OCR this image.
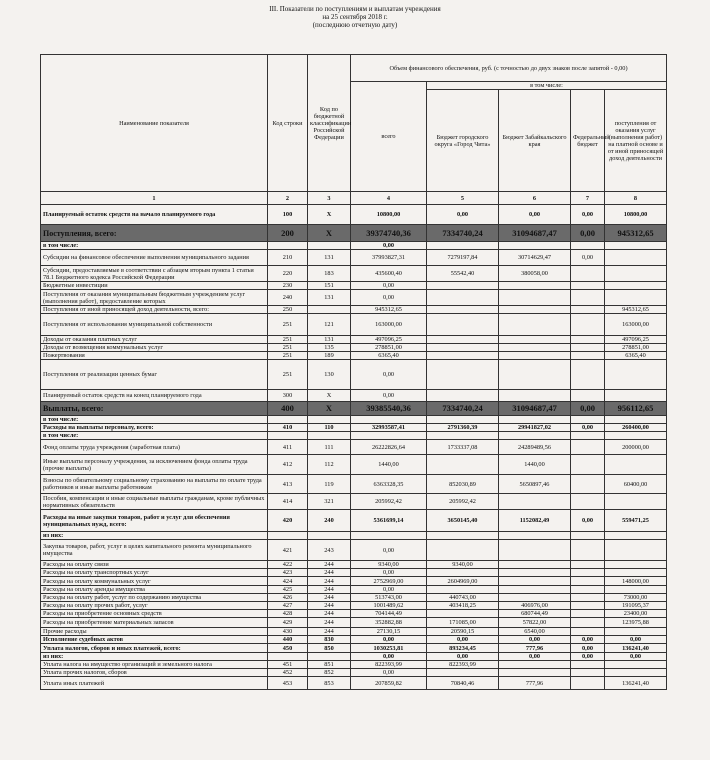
III. Показатели по поступлениям и выплатам учреждения
на 25 сентября 2018 г.
(последнюю отчетную дату)
Наименование показателя	Код строки	Код по бюджетной классификации Российской Федерации	Объем финансового обеспечения, руб. (с точностью до двух знаков после запятой - 0,00)				
			всего	в том числе:			
				Бюджет городского округа «Город Чита»	Бюджет Забайкальского края	Федеральный бюджет	поступления от оказания услуг (выполнения работ) на платной основе и от иной приносящей доход деятельности
1	2	3	4	5	6	7	8
Планируемый остаток средств на начало планируемого года	100	X	10800,00	0,00	0,00	0,00	10800,00
Поступления, всего:	200	X	39374740,36	7334740,24	31094687,47	0,00	945312,65
в том числе:			0,00				
Субсидии на финансовое обеспечение выполнения муниципального задания	210	131	37993827,31	7279197,84	30714629,47	0,00	
Субсидии, предоставляемые в соответствии с абзацем вторым пункта 1 статьи 78.1 Бюджетного кодекса Российской Федерации	220	183	435600,40	55542,40	380058,00		
Бюджетные инвестиции	230	151	0,00				
Поступления от оказания муниципальным бюджетным учреждением услуг (выполнения работ), предоставление которых	240	131	0,00				
Поступления от иной приносящей доход деятельности, всего:	250		945312,65				945312,65
Поступления от использования муниципальной собственности	251	121	163000,00				163000,00
Доходы от оказания платных услуг	251	131	497096,25				497096,25
Доходы от возмещения коммунальных услуг	251	135	278851,00				278851,00
Пожертвования	251	189	6365,40				6365,40
Поступления от реализации ценных бумаг	251	130	0,00				
Планируемый остаток средств на конец планируемого года	300	X	0,00				
Выплаты, всего:	400	X	39385540,36	7334740,24	31094687,47	0,00	956112,65
в том числе:							
Расходы на выплаты персоналу, всего:	410	110	32993587,41	2791360,39	29941827,02	0,00	260400,00
в том числе:							
Фонд оплаты труда учреждения (заработная плата)	411	111	26222826,64	1733337,08	24289489,56		200000,00
Иные выплаты персоналу учреждения, за исключением фонда оплаты труда (прочие выплаты)	412	112	1440,00		1440,00		
Взносы по обязательному социальному страхованию на выплаты по оплате труда работников и иные выплаты работникам	413	119	6363328,35	852030,89	5650897,46		60400,00
Пособия, компенсации и иные социальные выплаты гражданам, кроме публичных нормативных обязательств	414	321	205992,42	205992,42			
Расходы на иные закупки товаров, работ и услуг для обеспечения муниципальных нужд, всего:	420	240	5361699,14	3650145,40	1152082,49	0,00	559471,25
из них:							
Закупка товаров, работ, услуг в целях капитального ремонта муниципального имущества	421	243	0,00				
Расходы на оплату связи	422	244	9340,00	9340,00			
Расходы на оплату транспортных услуг	423	244	0,00				
Расходы на оплату коммунальных услуг	424	244	2752969,00	2604969,00			148000,00
Расходы на оплату аренды имущества	425	244	0,00				
Расходы на оплату работ, услуг по содержанию имущества	426	244	513743,00	440743,00			73000,00
Расходы на оплату прочих работ, услуг	427	244	1001489,62	403418,25	406976,00		191095,37
Расходы на приобретение основных средств	428	244	704144,49		680744,49		23400,00
Расходы на приобретение материальных запасов	429	244	352882,88	171085,00	57822,00		123975,88
Прочие расходы	430	244	27130,15	20590,15	6540,00		
Исполнение судебных актов	440	830	0,00	0,00	0,00	0,00	0,00
Уплата налогов, сборов и иных платежей, всего:	450	850	1030253,81	893234,45	777,96	0,00	136241,40
из них:			0,00	0,00	0,00	0,00	0,00
Уплата налога на имущество организаций и земельного налога	451	851	822393,99	822393,99			
Уплата прочих налогов, сборов	452	852	0,00				
Уплата иных платежей	453	853	207859,82	70840,46	777,96		136241,40
